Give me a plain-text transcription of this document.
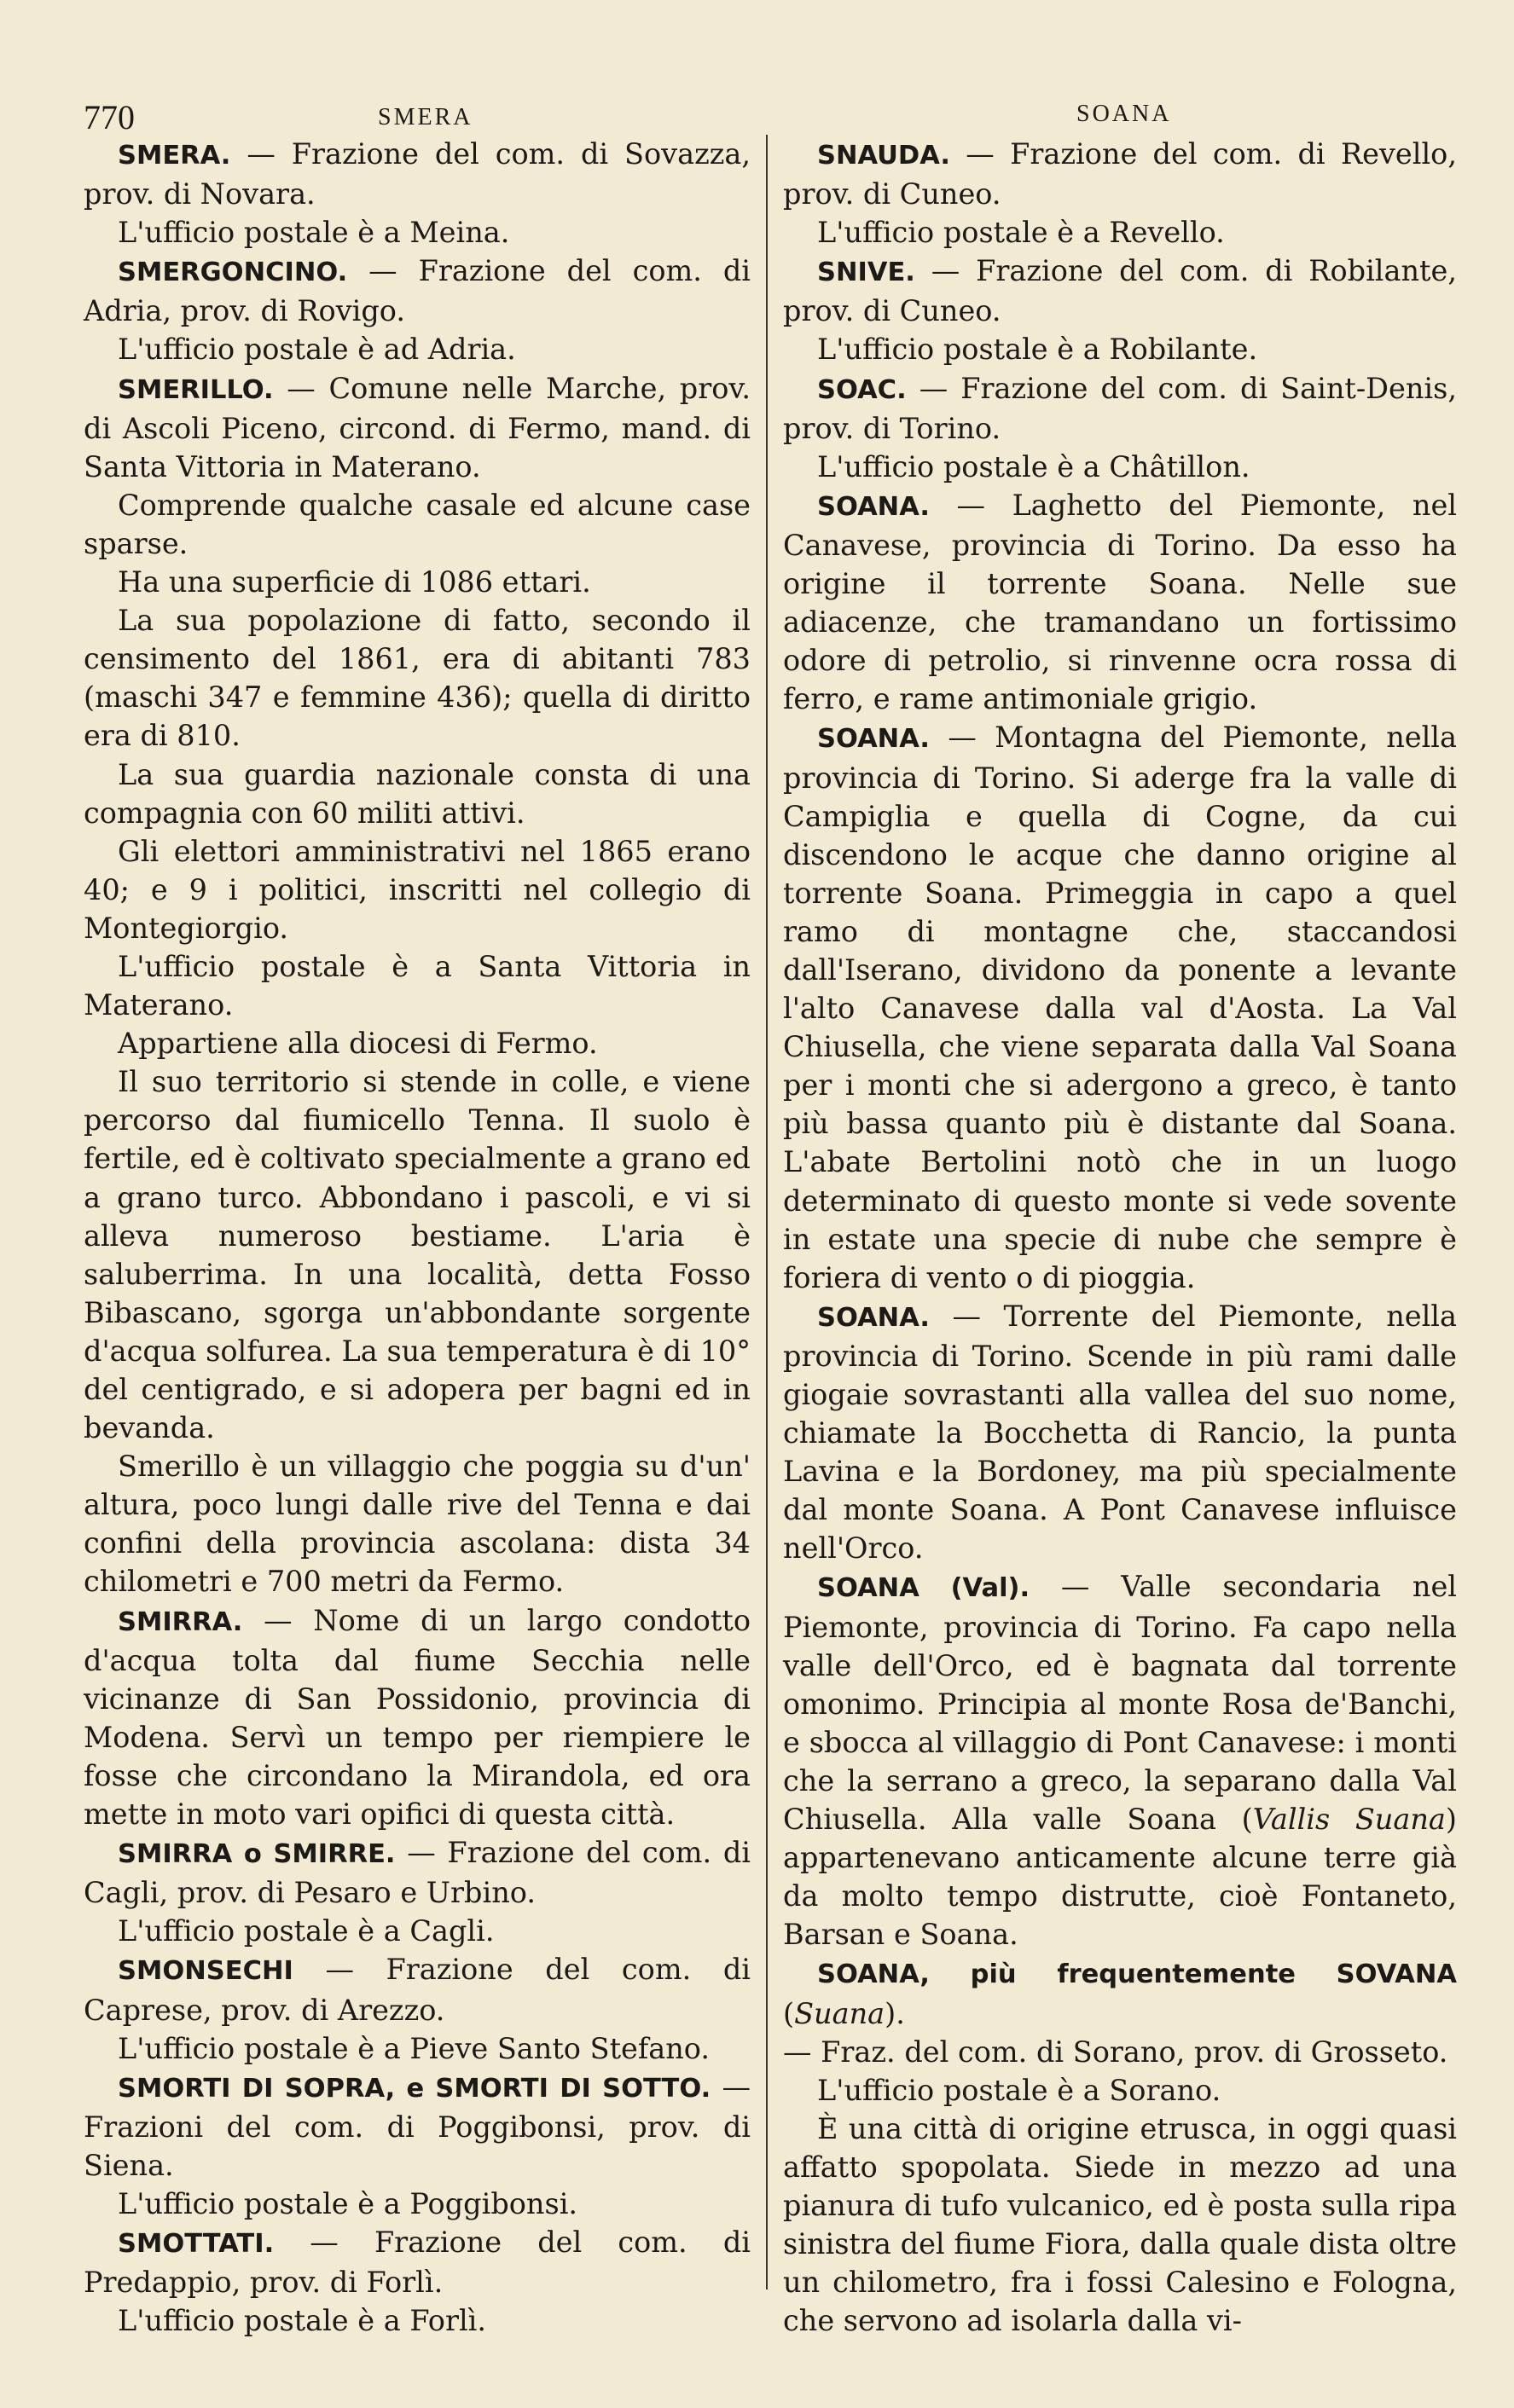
770	SMERA	SOANA

SMERA. — Frazione del com. di Sovazza, prov. di Novara.

L'ufficio postale è a Meina.

SMERGONCINO. — Frazione del com. di Adria, prov. di Rovigo.

L'ufficio postale è ad Adria.

SMERILLO. — Comune nelle Marche, prov. di Ascoli Piceno, circond. di Fermo, mand. di Santa Vittoria in Materano.

Comprende qualche casale ed alcune case sparse.

Ha una superficie di 1086 ettari.

La sua popolazione di fatto, secondo il censimento del 1861, era di abitanti 783 (maschi 347 e femmine 436); quella di diritto era di 810.

La sua guardia nazionale consta di una compagnia con 60 militi attivi.

Gli elettori amministrativi nel 1865 erano 40; e 9 i politici, inscritti nel collegio di Montegiorgio.

L'ufficio postale è a Santa Vittoria in Materano.

Appartiene alla diocesi di Fermo.

Il suo territorio si stende in colle, e viene percorso dal fiumicello Tenna. Il suolo è fertile, ed è coltivato specialmente a grano ed a grano turco. Abbondano i pascoli, e vi si alleva numeroso bestiame. L'aria è saluberrima. In una località, detta Fosso Bibascano, sgorga un'abbondante sorgente d'acqua solfurea. La sua temperatura è di 10° del centigrado, e si adopera per bagni ed in bevanda.

Smerillo è un villaggio che poggia su d'un' altura, poco lungi dalle rive del Tenna e dai confini della provincia ascolana: dista 34 chilometri e 700 metri da Fermo.

SMIRRA. — Nome di un largo condotto d'acqua tolta dal fiume Secchia nelle vicinanze di San Possidonio, provincia di Modena. Servì un tempo per riempiere le fosse che circondano la Mirandola, ed ora mette in moto vari opifici di questa città.

SMIRRA o SMIRRE. — Frazione del com. di Cagli, prov. di Pesaro e Urbino.

L'ufficio postale è a Cagli.

SMONSECHI — Frazione del com. di Caprese, prov. di Arezzo.

L'ufficio postale è a Pieve Santo Stefano.

SMORTI DI SOPRA, e SMORTI DI SOTTO. — Frazioni del com. di Poggibonsi, prov. di Siena.

L'ufficio postale è a Poggibonsi.

SMOTTATI. — Frazione del com. di Predappio, prov. di Forlì.

L'ufficio postale è a Forlì.

SNAUDA. — Frazione del com. di Revello, prov. di Cuneo.

L'ufficio postale è a Revello.

SNIVE. — Frazione del com. di Robilante, prov. di Cuneo.

L'ufficio postale è a Robilante.

SOAC. — Frazione del com. di Saint-Denis, prov. di Torino.

L'ufficio postale è a Châtillon.

SOANA. — Laghetto del Piemonte, nel Canavese, provincia di Torino. Da esso ha origine il torrente Soana. Nelle sue adiacenze, che tramandano un fortissimo odore di petrolio, si rinvenne ocra rossa di ferro, e rame antimoniale grigio.

SOANA. — Montagna del Piemonte, nella provincia di Torino. Si aderge fra la valle di Campiglia e quella di Cogne, da cui discendono le acque che danno origine al torrente Soana. Primeggia in capo a quel ramo di montagne che, staccandosi dall'Iserano, dividono da ponente a levante l'alto Canavese dalla val d'Aosta. La Val Chiusella, che viene separata dalla Val Soana per i monti che si adergono a greco, è tanto più bassa quanto più è distante dal Soana. L'abate Bertolini notò che in un luogo determinato di questo monte si vede sovente in estate una specie di nube che sempre è foriera di vento o di pioggia.

SOANA. — Torrente del Piemonte, nella provincia di Torino. Scende in più rami dalle giogaie sovrastanti alla vallea del suo nome, chiamate la Bocchetta di Rancio, la punta Lavina e la Bordoney, ma più specialmente dal monte Soana. A Pont Canavese influisce nell'Orco.

SOANA (Val). — Valle secondaria nel Piemonte, provincia di Torino. Fa capo nella valle dell'Orco, ed è bagnata dal torrente omonimo. Principia al monte Rosa de'Banchi, e sbocca al villaggio di Pont Canavese: i monti che la serrano a greco, la separano dalla Val Chiusella. Alla valle Soana (Vallis Suana) appartenevano anticamente alcune terre già da molto tempo distrutte, cioè Fontaneto, Barsan e Soana.

SOANA, più frequentemente SOVANA (Suana).

— Fraz. del com. di Sorano, prov. di Grosseto.

L'ufficio postale è a Sorano.

È una città di origine etrusca, in oggi quasi affatto spopolata. Siede in mezzo ad una pianura di tufo vulcanico, ed è posta sulla ripa sinistra del fiume Fiora, dalla quale dista oltre un chilometro, fra i fossi Calesino e Fologna, che servono ad isolarla dalla vi-
